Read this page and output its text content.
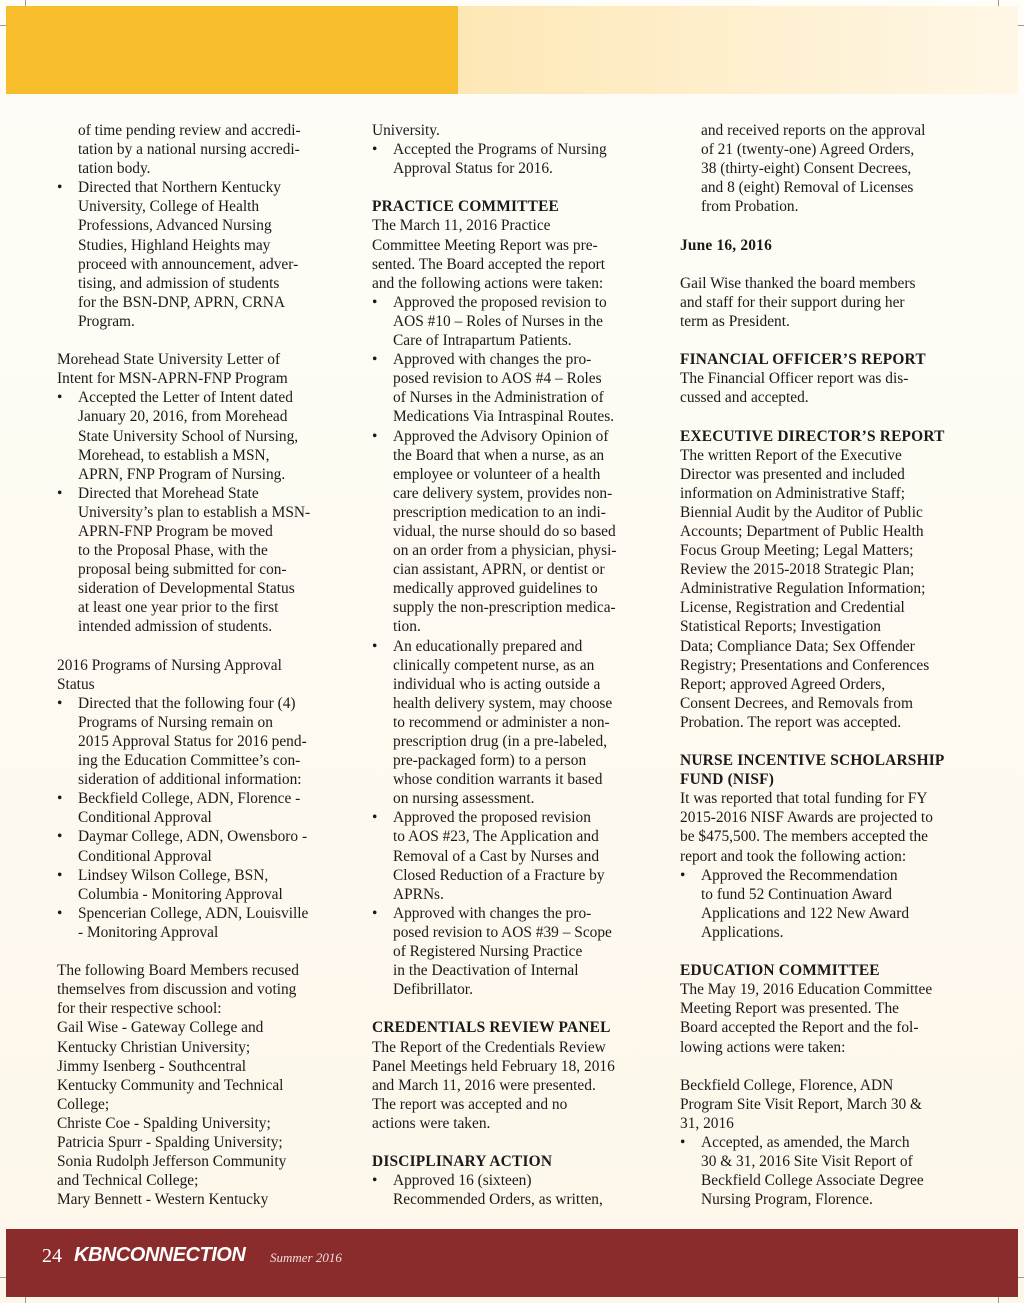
of time pending review and accredi-
tation by a national nursing accredi-
tation body.
• Directed that Northern Kentucky
University, College of Health
Professions, Advanced Nursing
Studies, Highland Heights may
proceed with announcement, adver-
tising, and admission of students
for the BSN-DNP, APRN, CRNA
Program.
Morehead State University Letter of
Intent for MSN-APRN-FNP Program
• Accepted the Letter of Intent dated
January 20, 2016, from Morehead
State University School of Nursing,
Morehead, to establish a MSN,
APRN, FNP Program of Nursing.
• Directed that Morehead State
University’s plan to establish a MSN-
APRN-FNP Program be moved
to the Proposal Phase, with the
proposal being submitted for con-
sideration of Developmental Status
at least one year prior to the first
intended admission of students.
2016 Programs of Nursing Approval
Status
• Directed that the following four (4)
Programs of Nursing remain on
2015 Approval Status for 2016 pend-
ing the Education Committee’s con-
sideration of additional information:
• Beckfield College, ADN, Florence -
Conditional Approval
• Daymar College, ADN, Owensboro -
Conditional Approval
• Lindsey Wilson College, BSN,
Columbia - Monitoring Approval
• Spencerian College, ADN, Louisville
- Monitoring Approval
The following Board Members recused
themselves from discussion and voting
for their respective school:
Gail Wise - Gateway College and
Kentucky Christian University;
Jimmy Isenberg - Southcentral
Kentucky Community and Technical
College;
Christe Coe - Spalding University;
Patricia Spurr - Spalding University;
Sonia Rudolph Jefferson Community
and Technical College;
Mary Bennett - Western Kentucky
University.
• Accepted the Programs of Nursing
Approval Status for 2016.
PRACTICE COMMITTEE
The March 11, 2016 Practice
Committee Meeting Report was pre-
sented. The Board accepted the report
and the following actions were taken:
• Approved the proposed revision to
AOS #10 – Roles of Nurses in the
Care of Intrapartum Patients.
• Approved with changes the pro-
posed revision to AOS #4 – Roles
of Nurses in the Administration of
Medications Via Intraspinal Routes.
• Approved the Advisory Opinion of
the Board that when a nurse, as an
employee or volunteer of a health
care delivery system, provides non-
prescription medication to an indi-
vidual, the nurse should do so based
on an order from a physician, physi-
cian assistant, APRN, or dentist or
medically approved guidelines to
supply the non-prescription medica-
tion.
• An educationally prepared and
clinically competent nurse, as an
individual who is acting outside a
health delivery system, may choose
to recommend or administer a non-
prescription drug (in a pre-labeled,
pre-packaged form) to a person
whose condition warrants it based
on nursing assessment.
• Approved the proposed revision
to AOS #23, The Application and
Removal of a Cast by Nurses and
Closed Reduction of a Fracture by
APRNs.
• Approved with changes the pro-
posed revision to AOS #39 – Scope
of Registered Nursing Practice
in the Deactivation of Internal
Defibrillator.
CREDENTIALS REVIEW PANEL
The Report of the Credentials Review
Panel Meetings held February 18, 2016
and March 11, 2016 were presented.
The report was accepted and no
actions were taken.
DISCIPLINARY ACTION
• Approved 16 (sixteen)
Recommended Orders, as written,
and received reports on the approval
of 21 (twenty-one) Agreed Orders,
38 (thirty-eight) Consent Decrees,
and 8 (eight) Removal of Licenses
from Probation.
June 16, 2016
Gail Wise thanked the board members
and staff for their support during her
term as President.
FINANCIAL OFFICER’S REPORT
The Financial Officer report was dis-
cussed and accepted.
EXECUTIVE DIRECTOR’S REPORT
The written Report of the Executive
Director was presented and included
information on Administrative Staff;
Biennial Audit by the Auditor of Public
Accounts; Department of Public Health
Focus Group Meeting; Legal Matters;
Review the 2015-2018 Strategic Plan;
Administrative Regulation Information;
License, Registration and Credential
Statistical Reports; Investigation
Data; Compliance Data; Sex Offender
Registry; Presentations and Conferences
Report; approved Agreed Orders,
Consent Decrees, and Removals from
Probation. The report was accepted.
NURSE INCENTIVE SCHOLARSHIP
FUND (NISF)
It was reported that total funding for FY
2015-2016 NISF Awards are projected to
be $475,500. The members accepted the
report and took the following action:
• Approved the Recommendation
to fund 52 Continuation Award
Applications and 122 New Award
Applications.
EDUCATION COMMITTEE
The May 19, 2016 Education Committee
Meeting Report was presented. The
Board accepted the Report and the fol-
lowing actions were taken:
Beckfield College, Florence, ADN
Program Site Visit Report, March 30 &
31, 2016
• Accepted, as amended, the March
30 & 31, 2016 Site Visit Report of
Beckfield College Associate Degree
Nursing Program, Florence.
24 KBNCONNECTION Summer 2016
